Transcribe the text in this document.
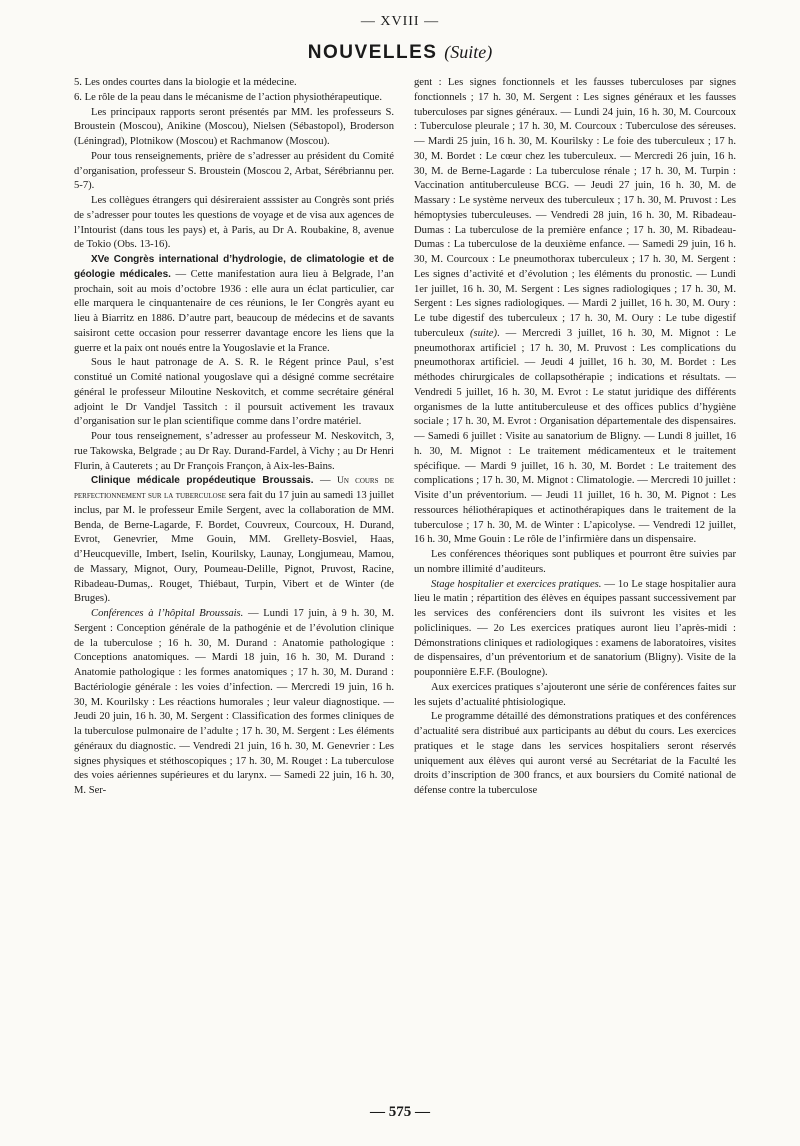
— XVIII —
NOUVELLES (Suite)

5. Les ondes courtes dans la biologie et la médecine.

6. Le rôle de la peau dans le mécanisme de l’action physiothérapeutique.

Les principaux rapports seront présentés par MM. les professeurs S. Broustein (Moscou), Anikine (Moscou), Nielsen (Sébastopol), Broderson (Léningrad), Plotnikow (Moscou) et Rachmanow (Moscou).

Pour tous renseignements, prière de s’adresser au président du Comité d’organisation, professeur S. Broustein (Moscou 2, Arbat, Sérébriannu per. 5-7).

Les collègues étrangers qui désireraient asssister au Congrès sont priés de s’adresser pour toutes les questions de voyage et de visa aux agences de l’Intourist (dans tous les pays) et, à Paris, au Dr A. Roubakine, 8, avenue de Tokio (Obs. 13-16).

XVe Congrès international d’hydrologie, de climatologie et de géologie médicales. — Cette manifestation aura lieu à Belgrade, l’an prochain, soit au mois d’octobre 1936 : elle aura un éclat particulier, car elle marquera le cinquantenaire de ces réunions, le Ier Congrès ayant eu lieu à Biarritz en 1886. D’autre part, beaucoup de médecins et de savants saisiront cette occasion pour resserrer davantage encore les liens que la guerre et la paix ont noués entre la Yougoslavie et la France.

Sous le haut patronage de A. S. R. le Régent prince Paul, s’est constitué un Comité national yougoslave qui a désigné comme secrétaire général le professeur Miloutine Neskovitch, et comme secrétaire général adjoint le Dr Vandjel Tassitch : il poursuit activement les travaux d’organisation sur le plan scientifique comme dans l’ordre matériel.

Pour tous renseignement, s’adresser au professeur M. Neskovitch, 3, rue Takowska, Belgrade ; au Dr Ray. Durand-Fardel, à Vichy ; au Dr Henri Flurin, à Cauterets ; au Dr François Françon, à Aix-les-Bains.

Clinique médicale propédeutique Broussais. — Un cours de perfectionnement sur la tuberculose sera fait du 17 juin au samedi 13 juillet inclus, par M. le professeur Emile Sergent, avec la collaboration de MM. Benda, de Berne-Lagarde, F. Bordet, Couvreux, Courcoux, H. Durand, Evrot, Genevrier, Mme Gouin, MM. Grellety-Bosviel, Haas, d’Heucqueville, Imbert, Iselin, Kourilsky, Launay, Longjumeau, Mamou, de Massary, Mignot, Oury, Poumeau-Delille, Pignot, Pruvost, Racine, Ribadeau-Dumas,. Rouget, Thiébaut, Turpin, Vibert et de Winter (de Bruges).

Conférences à l’hôpital Broussais. — Lundi 17 juin, à 9 h. 30, M. Sergent : Conception générale de la pathogénie et de l’évolution clinique de la tuberculose ; 16 h. 30, M. Durand : Anatomie pathologique : Conceptions anatomiques. — Mardi 18 juin, 16 h. 30, M. Durand : Anatomie pathologique : les formes anatomiques ; 17 h. 30, M. Durand : Bactériologie générale : les voies d’infection. — Mercredi 19 juin, 16 h. 30, M. Kourilsky : Les réactions humorales ; leur valeur diagnostique. — Jeudi 20 juin, 16 h. 30, M. Sergent : Classification des formes cliniques de la tuberculose pulmonaire de l’adulte ; 17 h. 30, M. Sergent : Les éléments généraux du diagnostic. — Vendredi 21 juin, 16 h. 30, M. Genevrier : Les signes physiques et stéthoscopiques ; 17 h. 30, M. Rouget : La tuberculose des voies aériennes supérieures et du larynx. — Samedi 22 juin, 16 h. 30, M. Ser-

gent : Les signes fonctionnels et les fausses tuberculoses par signes fonctionnels ; 17 h. 30, M. Sergent : Les signes généraux et les fausses tuberculoses par signes généraux. — Lundi 24 juin, 16 h. 30, M. Courcoux : Tuberculose pleurale ; 17 h. 30, M. Courcoux : Tuberculose des séreuses. — Mardi 25 juin, 16 h. 30, M. Kourilsky : Le foie des tuberculeux ; 17 h. 30, M. Bordet : Le cœur chez les tuberculeux. — Mercredi 26 juin, 16 h. 30, M. de Berne-Lagarde : La tuberculose rénale ; 17 h. 30, M. Turpin : Vaccination antituberculeuse BCG. — Jeudi 27 juin, 16 h. 30, M. de Massary : Le système nerveux des tuberculeux ; 17 h. 30, M. Pruvost : Les hémoptysies tuberculeuses. — Vendredi 28 juin, 16 h. 30, M. Ribadeau-Dumas : La tuberculose de la première enfance ; 17 h. 30, M. Ribadeau-Dumas : La tuberculose de la deuxième enfance. — Samedi 29 juin, 16 h. 30, M. Courcoux : Le pneumothorax tuberculeux ; 17 h. 30, M. Sergent : Les signes d’activité et d’évolution ; les éléments du pronostic. — Lundi 1er juillet, 16 h. 30, M. Sergent : Les signes radiologiques ; 17 h. 30, M. Sergent : Les signes radiologiques. — Mardi 2 juillet, 16 h. 30, M. Oury : Le tube digestif des tuberculeux ; 17 h. 30, M. Oury : Le tube digestif tuberculeux (suite). — Mercredi 3 juillet, 16 h. 30, M. Mignot : Le pneumothorax artificiel ; 17 h. 30, M. Pruvost : Les complications du pneumothorax artificiel. — Jeudi 4 juillet, 16 h. 30, M. Bordet : Les méthodes chirurgicales de collapsothérapie ; indications et résultats. — Vendredi 5 juillet, 16 h. 30, M. Evrot : Le statut juridique des différents organismes de la lutte antituberculeuse et des offices publics d’hygiène sociale ; 17 h. 30, M. Evrot : Organisation départementale des dispensaires. — Samedi 6 juillet : Visite au sanatorium de Bligny. — Lundi 8 juillet, 16 h. 30, M. Mignot : Le traitement médicamenteux et le traitement spécifique. — Mardi 9 juillet, 16 h. 30, M. Bordet : Le traitement des complications ; 17 h. 30, M. Mignot : Climatologie. — Mercredi 10 juillet : Visite d’un préventorium. — Jeudi 11 juillet, 16 h. 30, M. Pignot : Les ressources héliothérapiques et actinothérapiques dans le traitement de la tuberculose ; 17 h. 30, M. de Winter : L’apicolyse. — Vendredi 12 juillet, 16 h. 30, Mme Gouin : Le rôle de l’infirmière dans un dispensaire.

Les conférences théoriques sont publiques et pourront être suivies par un nombre illimité d’auditeurs.

Stage hospitalier et exercices pratiques. — 1o Le stage hospitalier aura lieu le matin ; répartition des élèves en équipes passant successivement par les services des conférenciers dont ils suivront les visites et les policliniques. — 2o Les exercices pratiques auront lieu l’après-midi : Démonstrations cliniques et radiologiques : examens de laboratoires, visites de dispensaires, d’un préventorium et de sanatorium (Bligny). Visite de la pouponnière E.F.F. (Boulogne).

Aux exercices pratiques s’ajouteront une série de conférences faites sur les sujets d’actualité phtisiologique.

Le programme détaillé des démonstrations pratiques et des conférences d’actualité sera distribué aux participants au début du cours. Les exercices pratiques et le stage dans les services hospitaliers seront réservés uniquement aux élèves qui auront versé au Secrétariat de la Faculté les droits d’inscription de 300 francs, et aux boursiers du Comité national de défense contre la tuberculose

— 575 —
